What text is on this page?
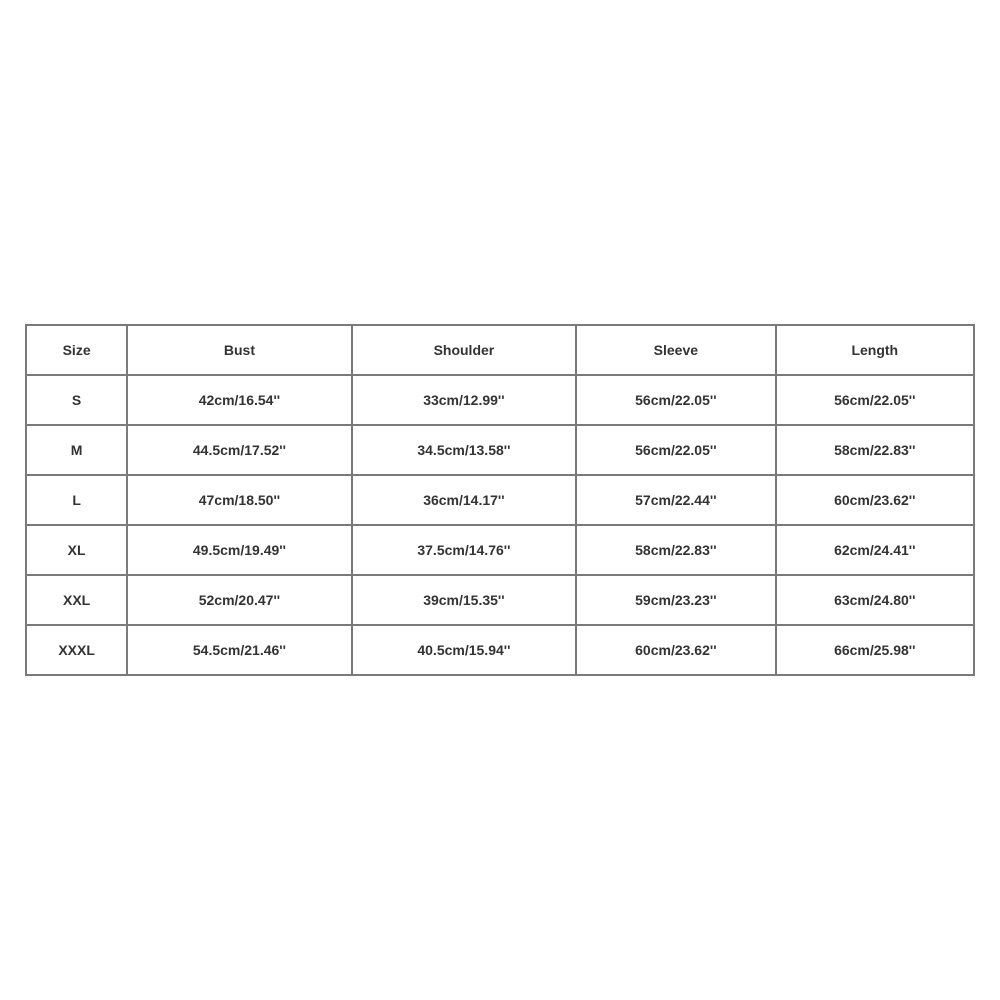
Size	Bust	Shoulder	Sleeve	Length
S	42cm/16.54''	33cm/12.99''	56cm/22.05''	56cm/22.05''
M	44.5cm/17.52''	34.5cm/13.58''	56cm/22.05''	58cm/22.83''
L	47cm/18.50''	36cm/14.17''	57cm/22.44''	60cm/23.62''
XL	49.5cm/19.49''	37.5cm/14.76''	58cm/22.83''	62cm/24.41''
XXL	52cm/20.47''	39cm/15.35''	59cm/23.23''	63cm/24.80''
XXXL	54.5cm/21.46''	40.5cm/15.94''	60cm/23.62''	66cm/25.98''
